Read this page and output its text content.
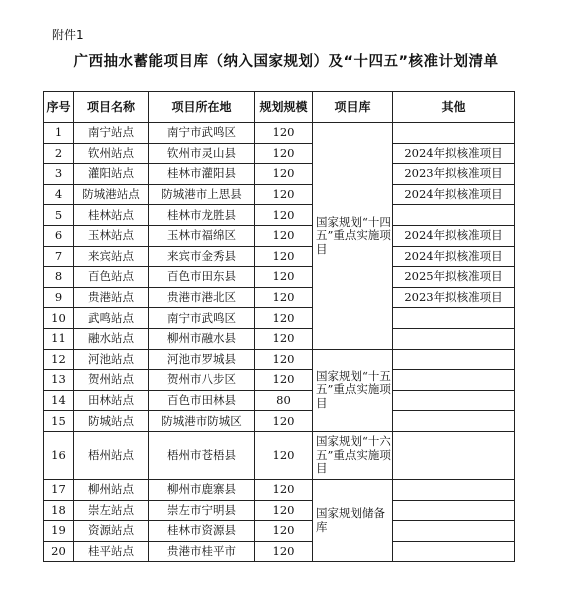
附件1
广西抽水蓄能项目库（纳入国家规划）及“十四五”核准计划清单
序号	项目名称	项目所在地	规划规模	项目库	其他
1	南宁站点	南宁市武鸣区	120	国家规划“十四五”重点实施项目	
2	钦州站点	钦州市灵山县	120		2024年拟核准项目
3	灌阳站点	桂林市灌阳县	120		2023年拟核准项目
4	防城港站点	防城港市上思县	120		2024年拟核准项目
5	桂林站点	桂林市龙胜县	120		
6	玉林站点	玉林市福绵区	120		2024年拟核准项目
7	来宾站点	来宾市金秀县	120		2024年拟核准项目
8	百色站点	百色市田东县	120		2025年拟核准项目
9	贵港站点	贵港市港北区	120		2023年拟核准项目
10	武鸣站点	南宁市武鸣区	120		
11	融水站点	柳州市融水县	120		
12	河池站点	河池市罗城县	120	国家规划“十五五”重点实施项目	
13	贺州站点	贺州市八步区	120		
14	田林站点	百色市田林县	80		
15	防城站点	防城港市防城区	120		
16	梧州站点	梧州市苍梧县	120	国家规划“十六五”重点实施项目	
17	柳州站点	柳州市鹿寨县	120	国家规划储备库	
18	崇左站点	崇左市宁明县	120		
19	资源站点	桂林市资源县	120		
20	桂平站点	贵港市桂平市	120		
